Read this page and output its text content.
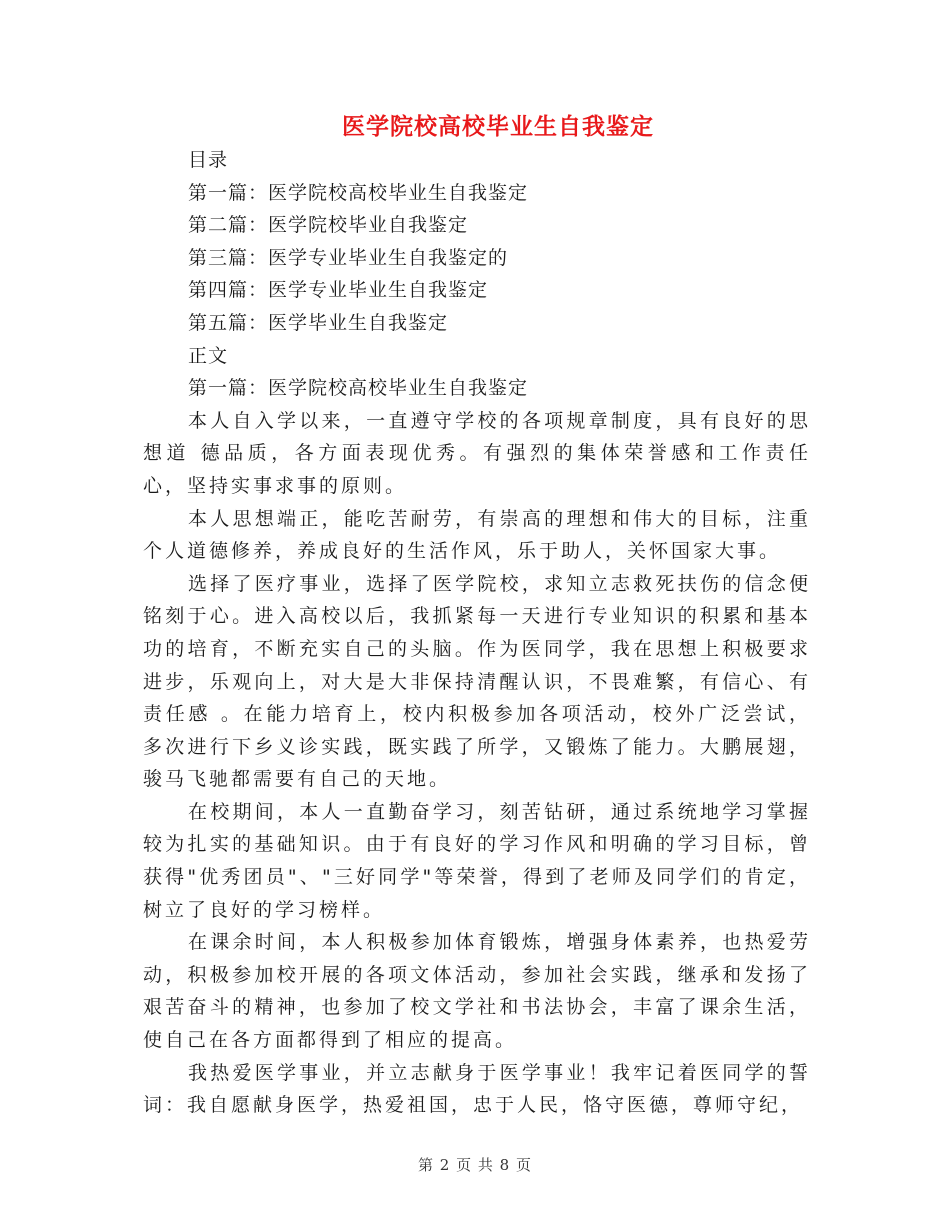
医学院校高校毕业生自我鉴定
目录
第一篇：医学院校高校毕业生自我鉴定
第二篇：医学院校毕业自我鉴定
第三篇：医学专业毕业生自我鉴定的
第四篇：医学专业毕业生自我鉴定
第五篇：医学毕业生自我鉴定
正文
第一篇：医学院校高校毕业生自我鉴定

本人自入学以来，一直遵守学校的各项规章制度，具有良好的思想道 德品质，各方面表现优秀。有强烈的集体荣誉感和工作责任心，坚持实事求事的原则。

本人思想端正，能吃苦耐劳，有崇高的理想和伟大的目标，注重个人道德修养，养成良好的生活作风，乐于助人，关怀国家大事。

选择了医疗事业，选择了医学院校，求知立志救死扶伤的信念便铭刻于心。进入高校以后，我抓紧每一天进行专业知识的积累和基本功的培育，不断充实自己的头脑。作为医同学，我在思想上积极要求进步，乐观向上，对大是大非保持清醒认识，不畏难繁，有信心、有责任感 。在能力培育上，校内积极参加各项活动，校外广泛尝试，多次进行下乡义诊实践，既实践了所学，又锻炼了能力。大鹏展翅，骏马飞驰都需要有自己的天地。

在校期间，本人一直勤奋学习，刻苦钻研，通过系统地学习掌握较为扎实的基础知识。由于有良好的学习作风和明确的学习目标，曾获得"优秀团员"、"三好同学"等荣誉，得到了老师及同学们的肯定，树立了良好的学习榜样。

在课余时间，本人积极参加体育锻炼，增强身体素养，也热爱劳动，积极参加校开展的各项文体活动，参加社会实践，继承和发扬了艰苦奋斗的精神，也参加了校文学社和书法协会，丰富了课余生活，使自己在各方面都得到了相应的提高。

我热爱医学事业，并立志献身于医学事业！我牢记着医同学的誓词：我自愿献身医学，热爱祖国，忠于人民，恪守医德，尊师守纪，

第 2 页 共 8 页
